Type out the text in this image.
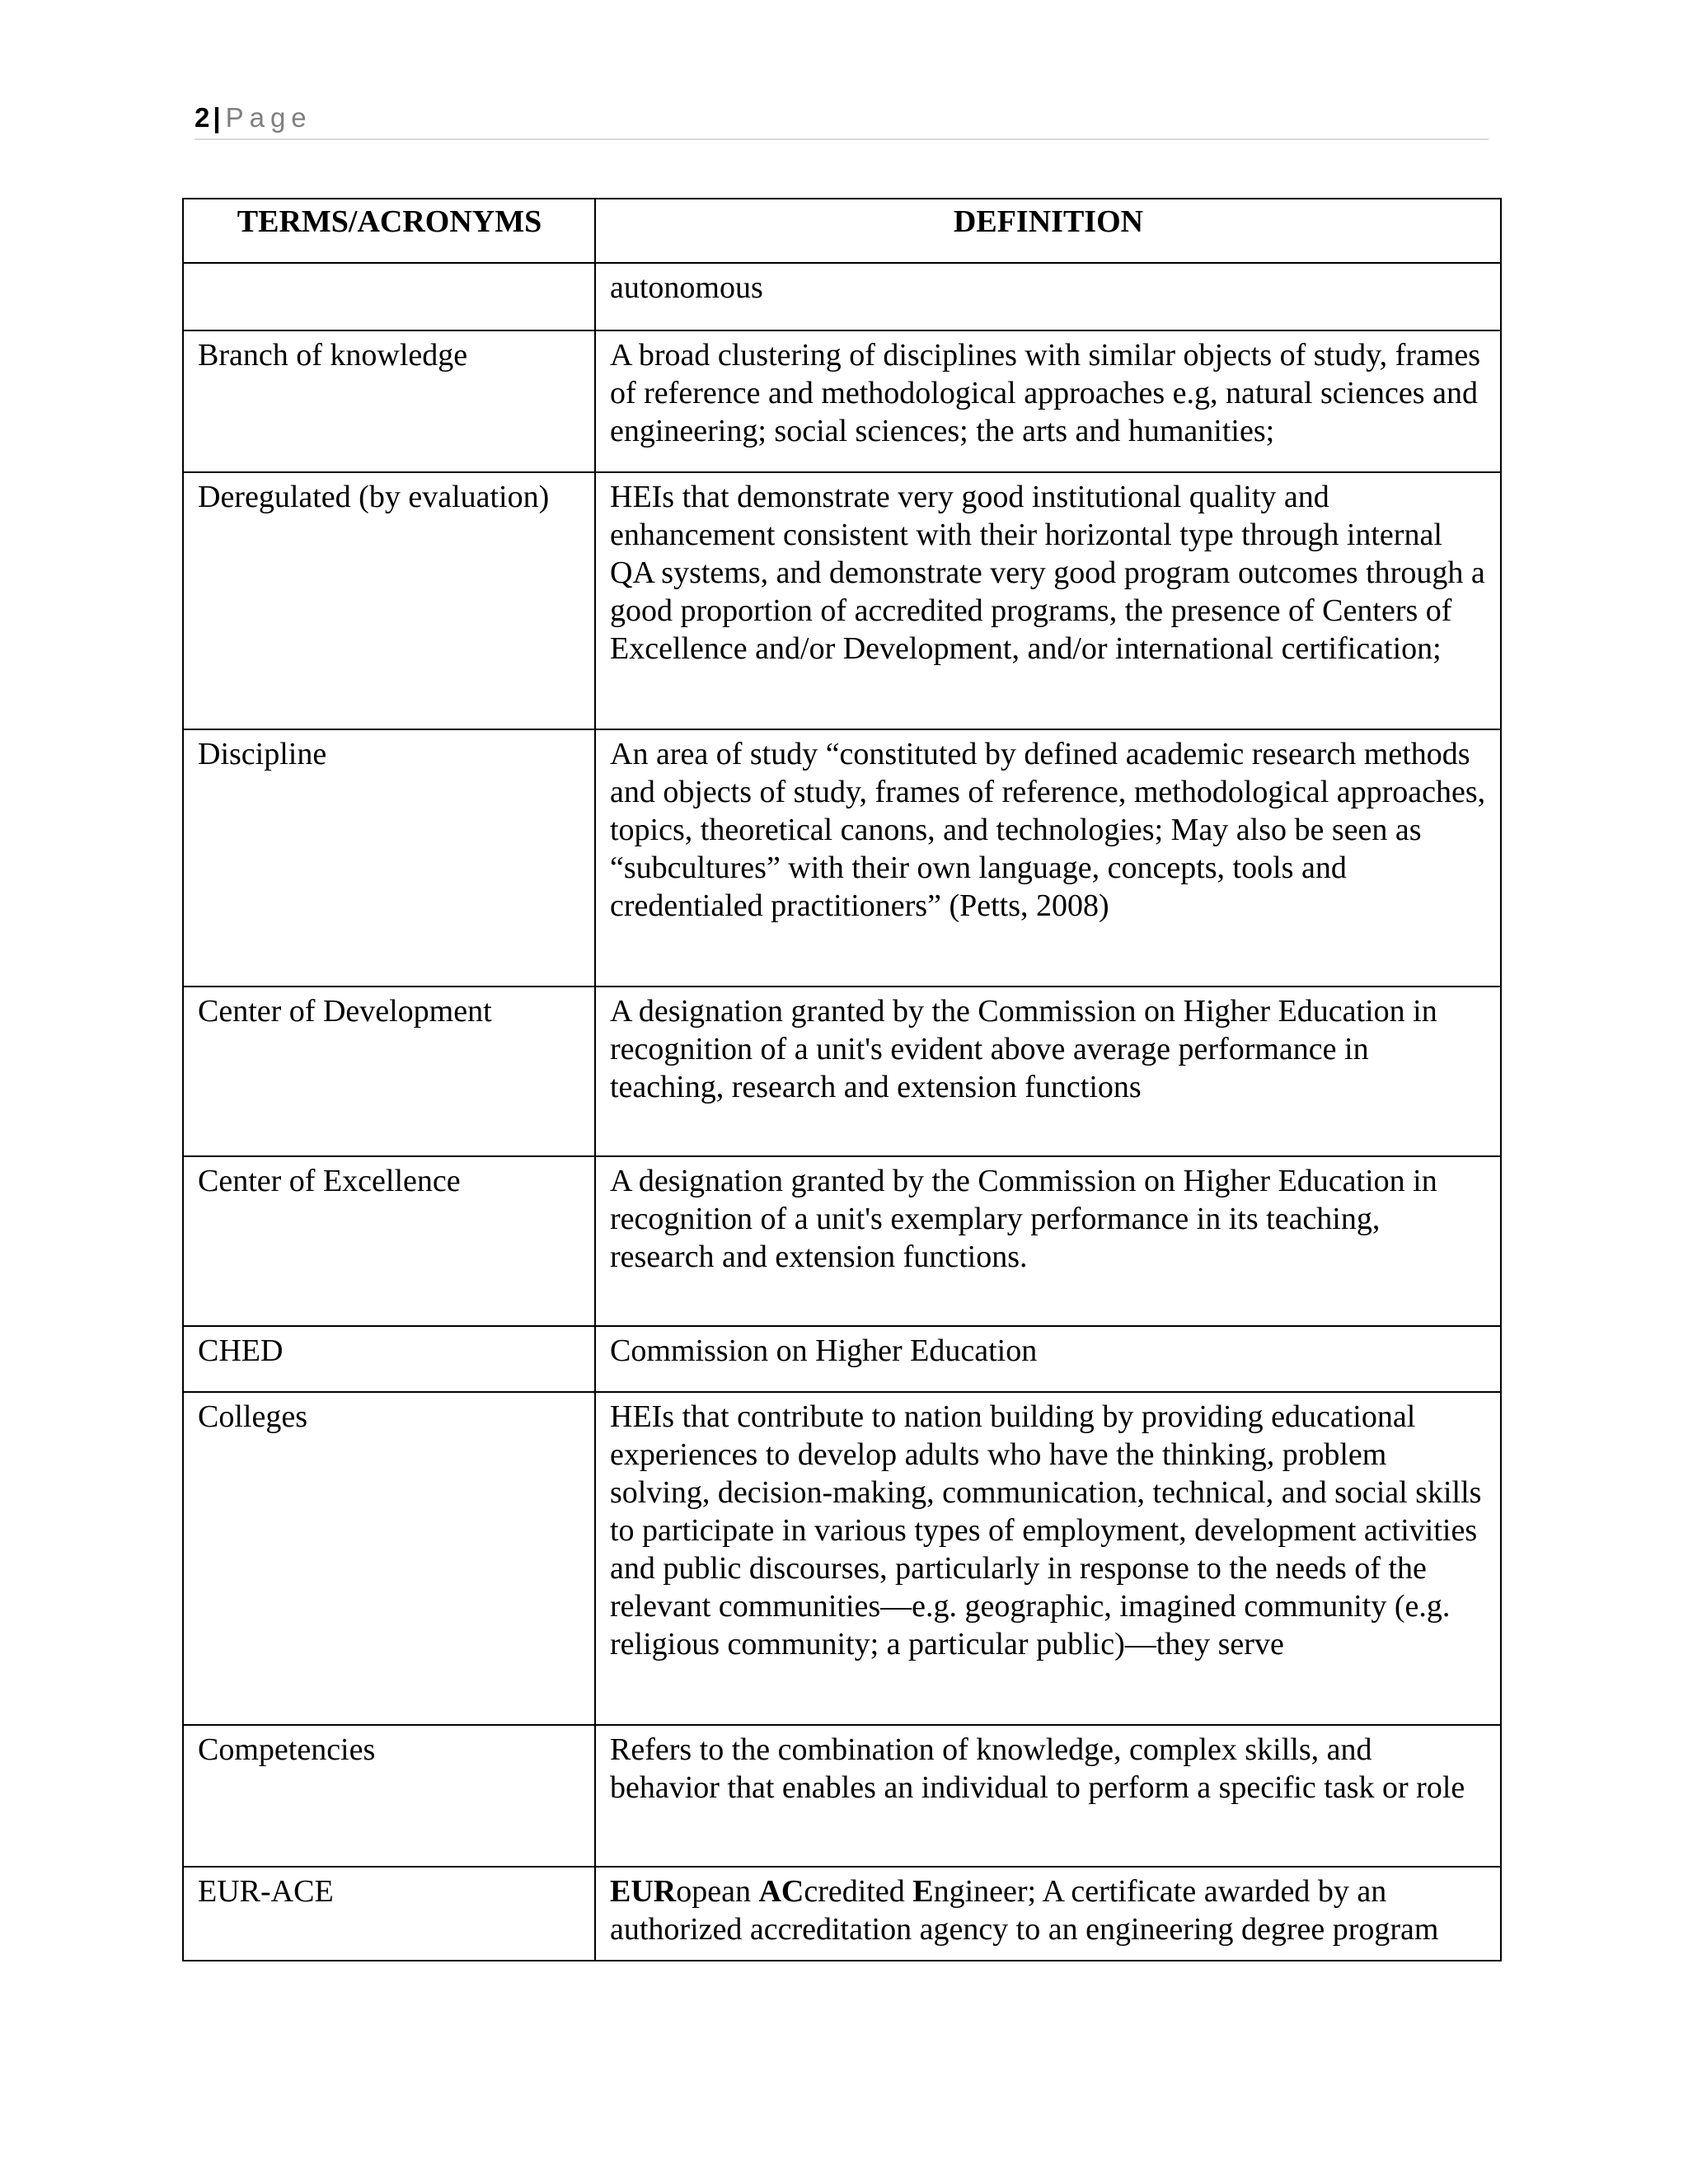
2 | Page
TERMS/ACRONYMS	DEFINITION
	autonomous
Branch of knowledge	A broad clustering of disciplines with similar objects of study, frames of reference and methodological approaches e.g, natural sciences and engineering; social sciences; the arts and humanities;
Deregulated (by evaluation)	HEIs that demonstrate very good institutional quality and enhancement consistent with their horizontal type through internal QA systems, and demonstrate very good program outcomes through a good proportion of accredited programs, the presence of Centers of Excellence and/or Development, and/or international certification;
Discipline	An area of study “constituted by defined academic research methods and objects of study, frames of reference, methodological approaches, topics, theoretical canons, and technologies; May also be seen as “subcultures” with their own language, concepts, tools and credentialed practitioners” (Petts, 2008)
Center of Development	A designation granted by the Commission on Higher Education in recognition of a unit's evident above average performance in teaching, research and extension functions
Center of Excellence	A designation granted by the Commission on Higher Education in recognition of a unit's exemplary performance in its teaching, research and extension functions.
CHED	Commission on Higher Education
Colleges	HEIs that contribute to nation building by providing educational experiences to develop adults who have the thinking, problem solving, decision-making, communication, technical, and social skills to participate in various types of employment, development activities and public discourses, particularly in response to the needs of the relevant communities—e.g. geographic, imagined community (e.g. religious community; a particular public)—they serve
Competencies	Refers to the combination of knowledge, complex skills, and behavior that enables an individual to perform a specific task or role
EUR-ACE	EURopean ACcredited Engineer; A certificate awarded by an authorized accreditation agency to an engineering degree program
